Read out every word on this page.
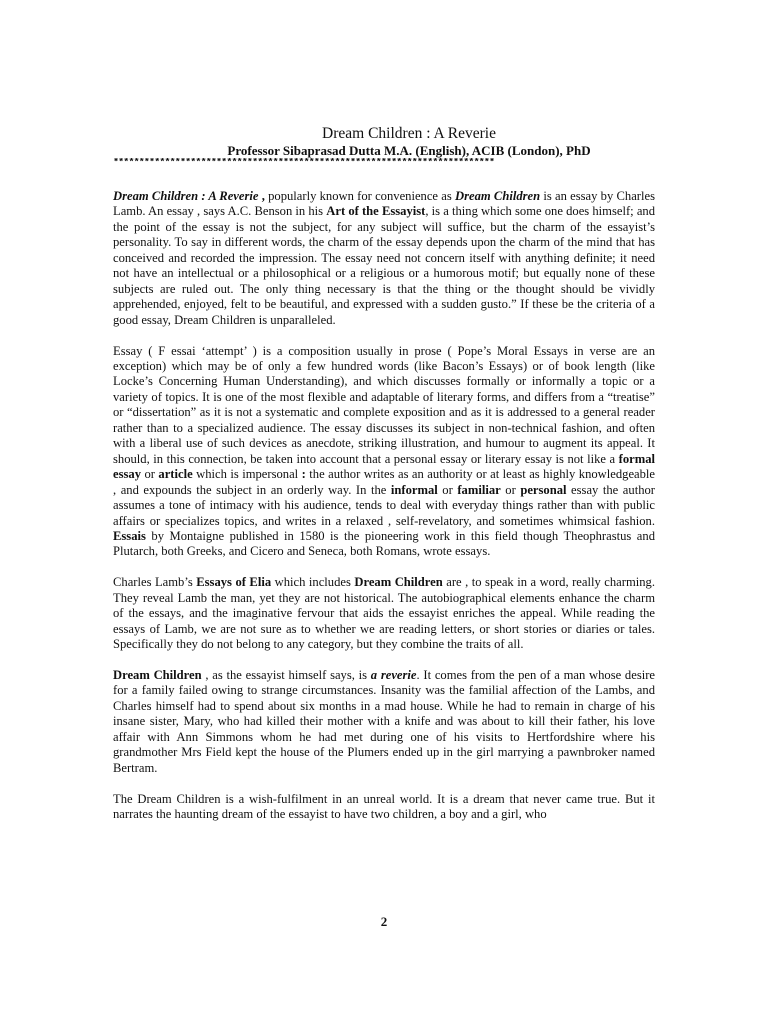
Dream Children : A Reverie
Professor Sibaprasad Dutta M.A. (English), ACIB (London), PhD
**************************************************************************

Dream Children : A Reverie , popularly known for convenience as Dream Children is an essay by Charles Lamb. An essay , says A.C. Benson in his Art of the Essayist, is a thing which some one does himself; and the point of the essay is not the subject, for any subject will suffice, but the charm of the essayist’s personality. To say in different words, the charm of the essay depends upon the charm of the mind that has conceived and recorded the impression. The essay need not concern itself with anything definite; it need not have an intellectual or a philosophical or a religious or a humorous motif; but equally none of these subjects are ruled out. The only thing necessary is that the thing or the thought should be vividly apprehended, enjoyed, felt to be beautiful, and expressed with a sudden gusto.” If these be the criteria of a good essay, Dream Children is unparalleled.

Essay ( F essai ‘attempt’ ) is a composition usually in prose ( Pope’s Moral Essays in verse are an exception) which may be of only a few hundred words (like Bacon’s Essays) or of book length (like Locke’s Concerning Human Understanding), and which discusses formally or informally a topic or a variety of topics. It is one of the most flexible and adaptable of literary forms, and differs from a “treatise” or “dissertation” as it is not a systematic and complete exposition and as it is addressed to a general reader rather than to a specialized audience. The essay discusses its subject in non-technical fashion, and often with a liberal use of such devices as anecdote, striking illustration, and humour to augment its appeal. It should, in this connection, be taken into account that a personal essay or literary essay is not like a formal essay or article which is impersonal : the author writes as an authority or at least as highly knowledgeable , and expounds the subject in an orderly way. In the informal or familiar or personal essay the author assumes a tone of intimacy with his audience, tends to deal with everyday things rather than with public affairs or specializes topics, and writes in a relaxed , self-revelatory, and sometimes whimsical fashion. Essais by Montaigne published in 1580 is the pioneering work in this field though Theophrastus and Plutarch, both Greeks, and Cicero and Seneca, both Romans, wrote essays.

Charles Lamb’s Essays of Elia which includes Dream Children are , to speak in a word, really charming. They reveal Lamb the man, yet they are not historical. The autobiographical elements enhance the charm of the essays, and the imaginative fervour that aids the essayist enriches the appeal. While reading the essays of Lamb, we are not sure as to whether we are reading letters, or short stories or diaries or tales. Specifically they do not belong to any category, but they combine the traits of all.

Dream Children , as the essayist himself says, is a reverie. It comes from the pen of a man whose desire for a family failed owing to strange circumstances. Insanity was the familial affection of the Lambs, and Charles himself had to spend about six months in a mad house. While he had to remain in charge of his insane sister, Mary, who had killed their mother with a knife and was about to kill their father, his love affair with Ann Simmons whom he had met during one of his visits to Hertfordshire where his grandmother Mrs Field kept the house of the Plumers ended up in the girl marrying a pawnbroker named Bertram.

The Dream Children is a wish-fulfilment in an unreal world. It is a dream that never came true. But it narrates the haunting dream of the essayist to have two children, a boy and a girl, who

2
